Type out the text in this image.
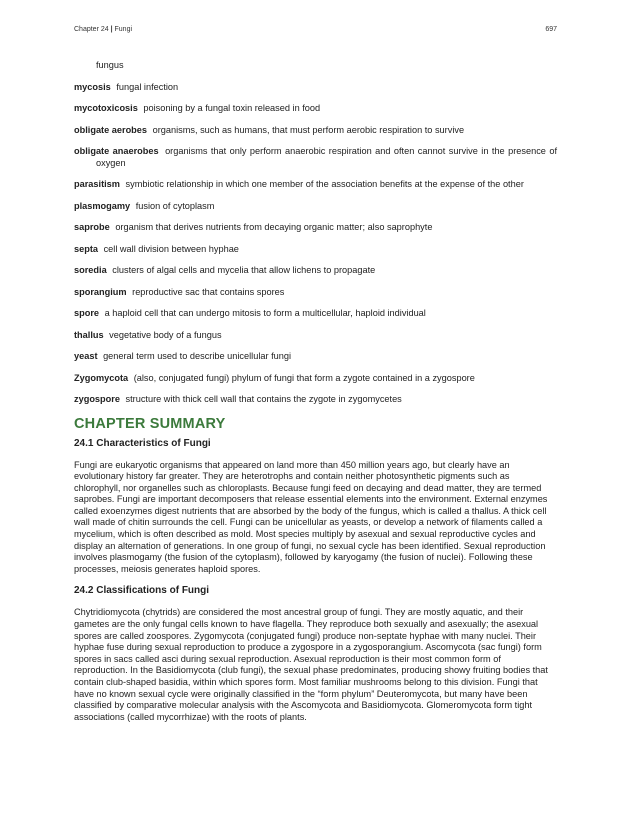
Chapter 24 | Fungi	697

fungus

mycosis fungal infection

mycotoxicosis poisoning by a fungal toxin released in food

obligate aerobes organisms, such as humans, that must perform aerobic respiration to survive

obligate anaerobes organisms that only perform anaerobic respiration and often cannot survive in the presence of oxygen

parasitism symbiotic relationship in which one member of the association benefits at the expense of the other

plasmogamy fusion of cytoplasm

saprobe organism that derives nutrients from decaying organic matter; also saprophyte

septa cell wall division between hyphae

soredia clusters of algal cells and mycelia that allow lichens to propagate

sporangium reproductive sac that contains spores

spore a haploid cell that can undergo mitosis to form a multicellular, haploid individual

thallus vegetative body of a fungus

yeast general term used to describe unicellular fungi

Zygomycota (also, conjugated fungi) phylum of fungi that form a zygote contained in a zygospore

zygospore structure with thick cell wall that contains the zygote in zygomycetes

CHAPTER SUMMARY
24.1 Characteristics of Fungi

Fungi are eukaryotic organisms that appeared on land more than 450 million years ago, but clearly have an evolutionary history far greater. They are heterotrophs and contain neither photosynthetic pigments such as chlorophyll, nor organelles such as chloroplasts. Because fungi feed on decaying and dead matter, they are termed saprobes. Fungi are important decomposers that release essential elements into the environment. External enzymes called exoenzymes digest nutrients that are absorbed by the body of the fungus, which is called a thallus. A thick cell wall made of chitin surrounds the cell. Fungi can be unicellular as yeasts, or develop a network of filaments called a mycelium, which is often described as mold. Most species multiply by asexual and sexual reproductive cycles and display an alternation of generations. In one group of fungi, no sexual cycle has been identified. Sexual reproduction involves plasmogamy (the fusion of the cytoplasm), followed by karyogamy (the fusion of nuclei). Following these processes, meiosis generates haploid spores.

24.2 Classifications of Fungi

Chytridiomycota (chytrids) are considered the most ancestral group of fungi. They are mostly aquatic, and their gametes are the only fungal cells known to have flagella. They reproduce both sexually and asexually; the asexual spores are called zoospores. Zygomycota (conjugated fungi) produce non-septate hyphae with many nuclei. Their hyphae fuse during sexual reproduction to produce a zygospore in a zygosporangium. Ascomycota (sac fungi) form spores in sacs called asci during sexual reproduction. Asexual reproduction is their most common form of reproduction. In the Basidiomycota (club fungi), the sexual phase predominates, producing showy fruiting bodies that contain club-shaped basidia, within which spores form. Most familiar mushrooms belong to this division. Fungi that have no known sexual cycle were originally classified in the “form phylum” Deuteromycota, but many have been classified by comparative molecular analysis with the Ascomycota and Basidiomycota. Glomeromycota form tight associations (called mycorrhizae) with the roots of plants.
